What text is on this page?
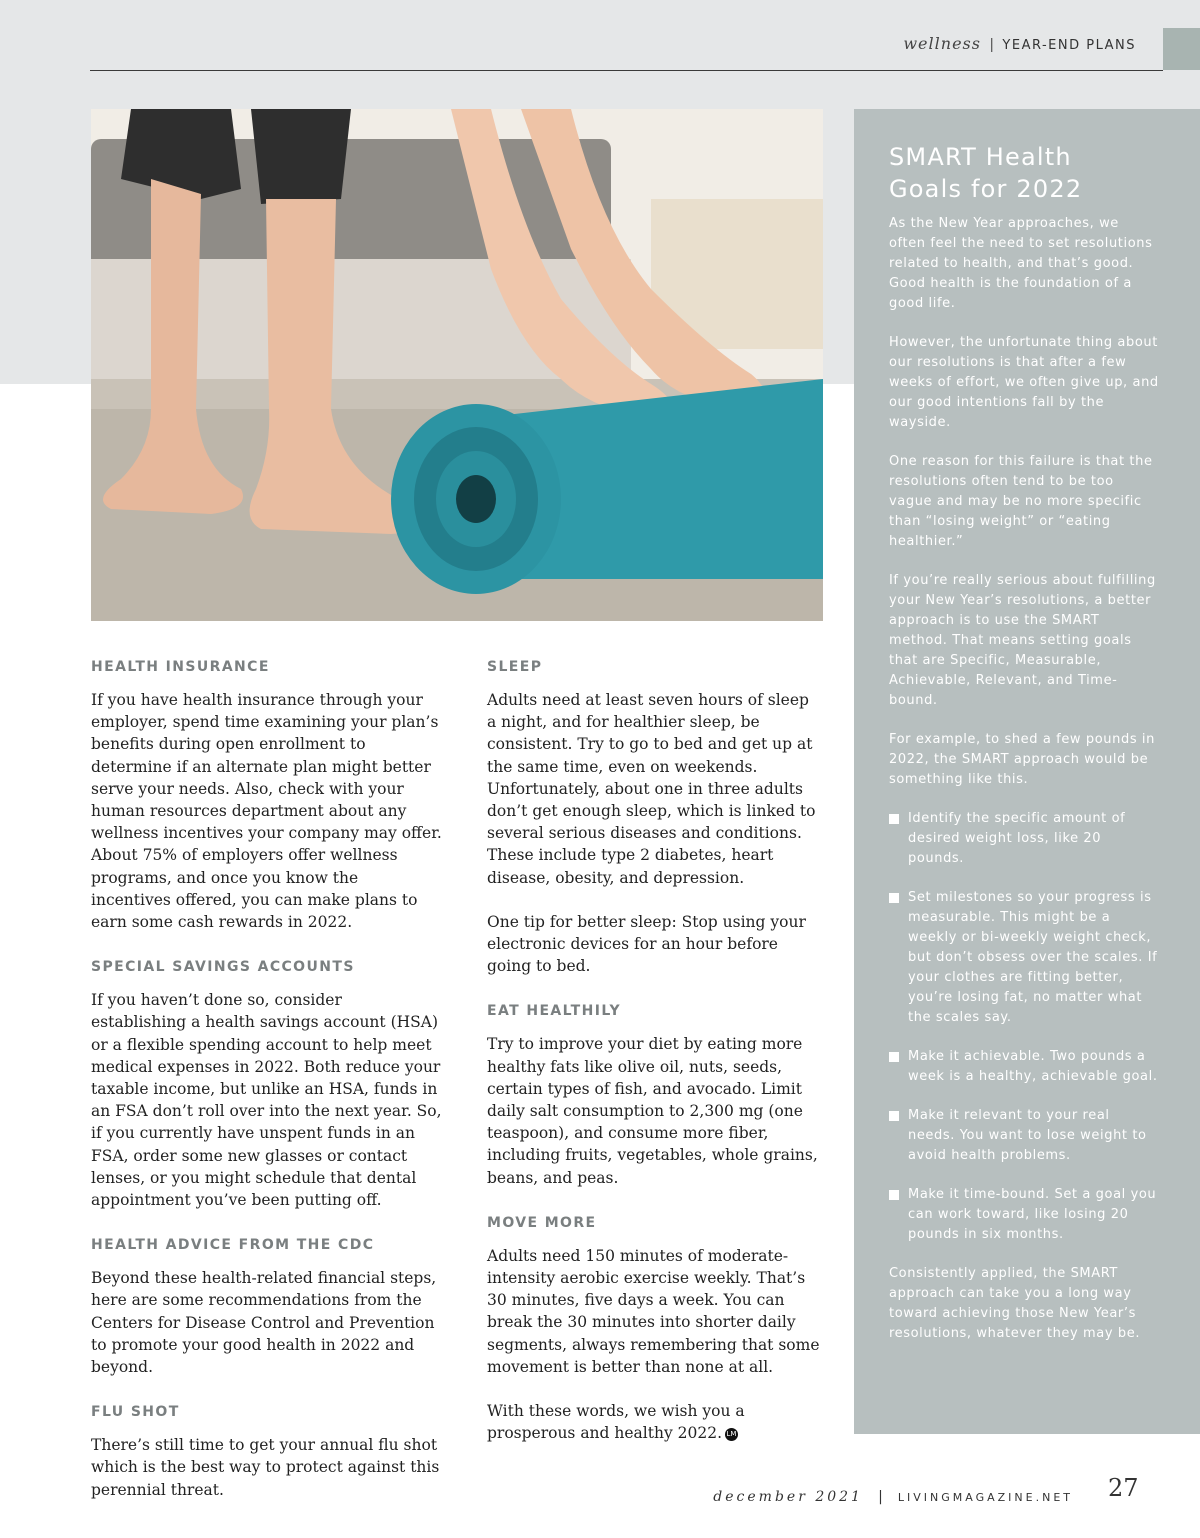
wellness | YEAR-END PLANS
SMART Health
Goals for 2022

As the New Year approaches, we often feel the need to set resolutions related to health, and that’s good. Good health is the foundation of a good life.

However, the unfortunate thing about our resolutions is that after a few weeks of effort, we often give up, and our good intentions fall by the wayside.

One reason for this failure is that the resolutions often tend to be too vague and may be no more specific than “losing weight” or “eating healthier.”

If you’re really serious about fulfilling your New Year’s resolutions, a better approach is to use the SMART method. That means setting goals that are Specific, Measurable, Achievable, Relevant, and Time-bound.

For example, to shed a few pounds in 2022, the SMART approach would be something like this.

Identify the specific amount of desired weight loss, like 20 pounds.
Set milestones so your progress is measurable. This might be a weekly or bi-weekly weight check, but don’t obsess over the scales. If your clothes are fitting better, you’re losing fat, no matter what the scales say.
Make it achievable. Two pounds a week is a healthy, achievable goal.
Make it relevant to your real needs. You want to lose weight to avoid health problems.
Make it time-bound. Set a goal you can work toward, like losing 20 pounds in six months.

Consistently applied, the SMART approach can take you a long way toward achieving those New Year’s resolutions, whatever they may be.

HEALTH INSURANCE

If you have health insurance through your employer, spend time examining your plan’s benefits during open enrollment to determine if an alternate plan might better serve your needs. Also, check with your human resources department about any wellness incentives your company may offer. About 75% of employers offer wellness programs, and once you know the incentives offered, you can make plans to earn some cash rewards in 2022.

SPECIAL SAVINGS ACCOUNTS

If you haven’t done so, consider establishing a health savings account (HSA) or a flexible spending account to help meet medical expenses in 2022. Both reduce your taxable income, but unlike an HSA, funds in an FSA don’t roll over into the next year. So, if you currently have unspent funds in an FSA, order some new glasses or contact lenses, or you might schedule that dental appointment you’ve been putting off.

HEALTH ADVICE FROM THE CDC

Beyond these health-related financial steps, here are some recommendations from the Centers for Disease Control and Prevention to promote your good health in 2022 and beyond.

FLU SHOT

There’s still time to get your annual flu shot which is the best way to protect against this perennial threat.

SLEEP

Adults need at least seven hours of sleep a night, and for healthier sleep, be consistent. Try to go to bed and get up at the same time, even on weekends. Unfortunately, about one in three adults don’t get enough sleep, which is linked to several serious diseases and conditions. These include type 2 diabetes, heart disease, obesity, and depression.

One tip for better sleep: Stop using your electronic devices for an hour before going to bed.

EAT HEALTHILY

Try to improve your diet by eating more healthy fats like olive oil, nuts, seeds, certain types of fish, and avocado. Limit daily salt consumption to 2,300 mg (one teaspoon), and consume more fiber, including fruits, vegetables, whole grains, beans, and peas.

MOVE MORE

Adults need 150 minutes of moderate-intensity aerobic exercise weekly. That’s 30 minutes, five days a week. You can break the 30 minutes into shorter daily segments, always remembering that some movement is better than none at all.

With these words, we wish you a prosperous and healthy 2022. LM

december 2021 | LIVINGMAGAZINE.NET 27
